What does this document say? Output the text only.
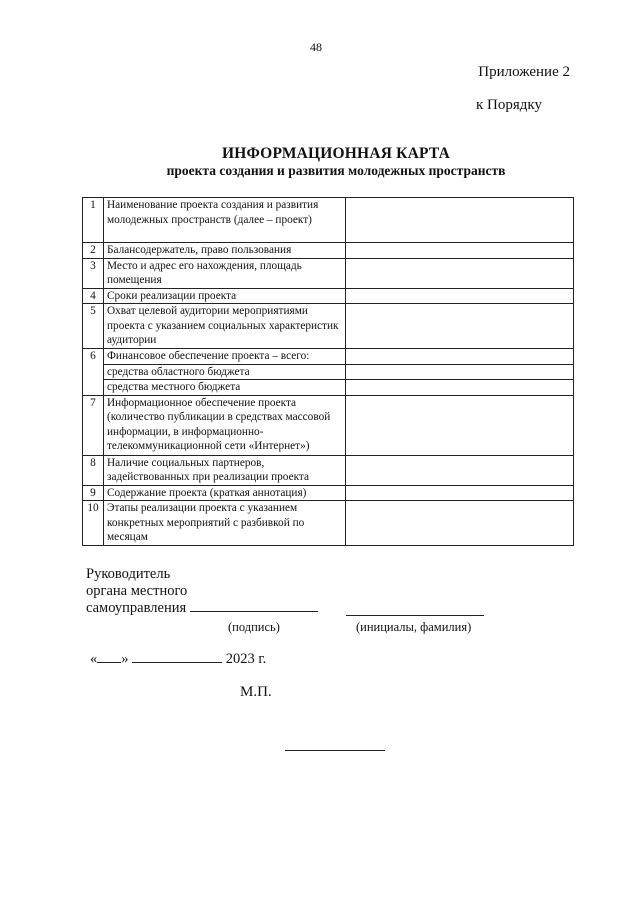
48
Приложение 2
к Порядку
ИНФОРМАЦИОННАЯ КАРТА
проекта создания и развития молодежных пространств
1	Наименование проекта создания и развития молодежных пространств (далее – проект)	
2	Балансодержатель, право пользования	
3	Место и адрес его нахождения, площадь помещения	
4	Сроки реализации проекта	
5	Охват целевой аудитории мероприятиями проекта с указанием социальных характеристик аудитории	
6	Финансовое обеспечение проекта – всего:	
	средства областного бюджета	
	средства местного бюджета	
7	Информационное обеспечение проекта (количество публикации в средствах массовой информации, в информационно-телекоммуникационной сети «Интернет»)	
8	Наличие социальных партнеров, задействованных при реализации проекта	
9	Содержание проекта (краткая аннотация)	
10	Этапы реализации проекта с указанием конкретных мероприятий с разбивкой по месяцам	
Руководитель
органа местного
самоуправления
(подпись)	(инициалы, фамилия)
« »	2023 г.
М.П.
